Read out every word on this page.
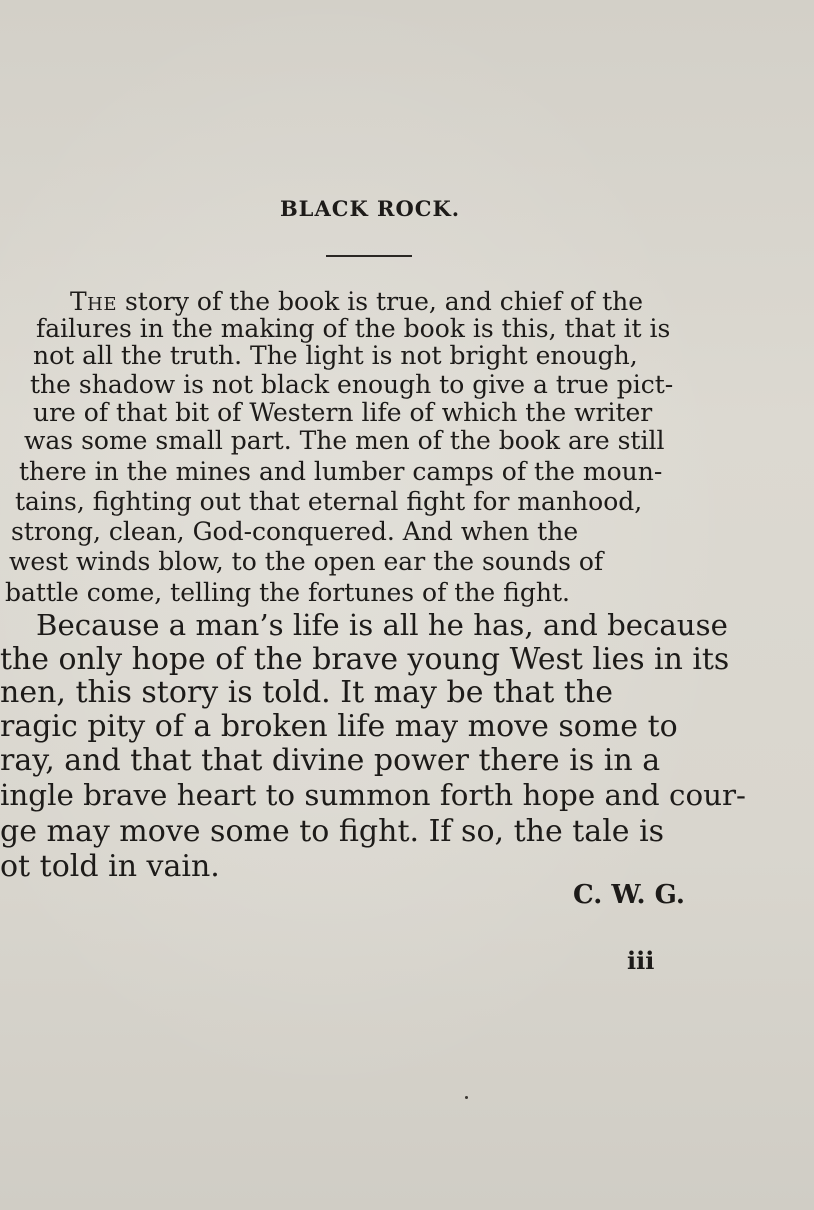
BLACK ROCK.
The story of the book is true, and chief of the
failures in the making of the book is this, that it is
not all the truth. The light is not bright enough,
the shadow is not black enough to give a true pict-
ure of that bit of Western life of which the writer
was some small part. The men of the book are still
there in the mines and lumber camps of the moun-
tains, fighting out that eternal fight for manhood,
strong, clean, God-conquered. And when the
west winds blow, to the open ear the sounds of
battle come, telling the fortunes of the fight.
Because a man’s life is all he has, and because
the only hope of the brave young West lies in its
nen, this story is told. It may be that the
ragic pity of a broken life may move some to
ray, and that that divine power there is in a
ingle brave heart to summon forth hope and cour-
ge may move some to fight. If so, the tale is
ot told in vain.
C. W. G.
iii
